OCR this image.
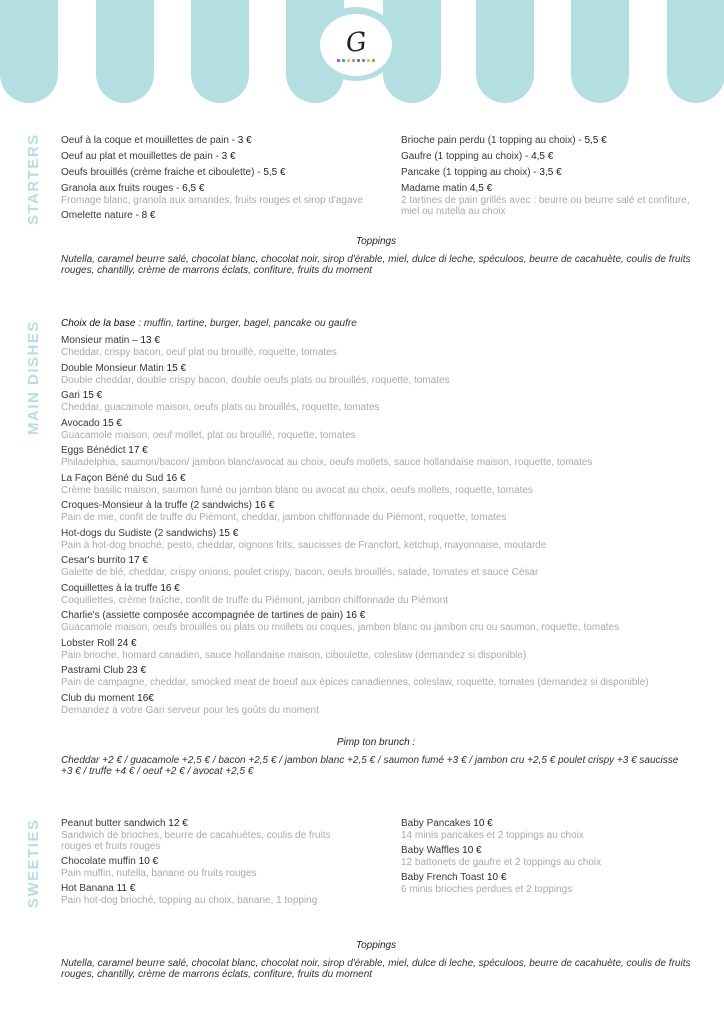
G
STARTERS	Oeuf à la coque et mouillettes de pain - 3 €
Oeuf au plat et mouillettes de pain - 3 €
Oeufs brouillés (crème fraiche et ciboulette) - 5,5 €
Granola aux fruits rouges - 6,5 €
Fromage blanc, granola aux amandes, fruits rouges et sirop d'agave
Omelette nature - 8 €
Brioche pain perdu (1 topping au choix) - 5,5 €
Gaufre (1 topping au choix) - 4,5 €
Pancake (1 topping au choix) - 3,5 €
Madame matin 4,5 €
2 tartines de pain grillés avec : beurre ou beurre salé et confiture, miel ou nutella au choix
Toppings
Nutella, caramel beurre salé, chocolat blanc, chocolat noir, sirop d'érable, miel, dulce di leche, spéculoos, beurre de cacahuète, coulis de fruits rouges, chantilly, crème de marrons éclats, confiture, fruits du moment
MAIN DISHES	Choix de la base : muffin, tartine, burger, bagel, pancake ou gaufre
Monsieur matin – 13 €
Cheddar, crispy bacon, oeuf plat ou brouillé, roquette, tomates
Double Monsieur Matin 15 €
Double cheddar, double crispy bacon, double oeufs plats ou brouillés, roquette, tomates
Gari 15 €
Cheddar, guacamole maison, oeufs plats ou brouillés, roquette, tomates
Avocado 15 €
Guacamole maison, oeuf mollet, plat ou brouillé, roquette, tomates
Eggs Bénédict 17 €
Philadelphia, saumon/bacon/ jambon blanc/avocat au choix, oeufs mollets, sauce hollandaise maison, roquette, tomates
La Façon Béné du Sud 16 €
Crème basilic maison, saumon fumé ou jambon blanc ou avocat au choix, oeufs mollets, roquette, tomates
Croques-Monsieur à la truffe (2 sandwichs) 16 €
Pain de mie, confit de truffe du Piémont, cheddar, jambon chiffonnade du Piémont, roquette, tomates
Hot-dogs du Sudiste (2 sandwichs) 15 €
Pain à hot-dog brioché, pesto, cheddar, oignons frits, saucisses de Francfort, ketchup, mayonnaise, moutarde
Cesar's burrito 17 €
Galette de blé, cheddar, crispy onions, poulet crispy, bacon, oeufs brouillés, salade, tomates et sauce César
Coquillettes à la truffe 16 €
Coquillettes, crème fraîche, confit de truffe du Piémont, jambon chiffonnade du Piémont
Charlie's (assiette composée accompagnée de tartines de pain) 16 €
Guacamole maison, oeufs brouillés ou plats ou mollets ou coques, jambon blanc ou jambon cru ou saumon, roquette, tomates
Lobster Roll 24 €
Pain brioche, homard canadien, sauce hollandaise maison, ciboulette, coleslaw (demandez si disponible)
Pastrami Club 23 €
Pain de campagne, cheddar, smocked meat de boeuf aux épices canadiennes, coleslaw, roquette, tomates (demandez si disponible)
Club du moment 16€
Demandez à votre Gari serveur pour les goûts du moment
Pimp ton brunch :
Cheddar +2 € / guacamole +2,5 € / bacon +2,5 € / jambon blanc +2,5 € / saumon fumé +3 € / jambon cru +2,5 € poulet crispy +3 € saucisse +3 € / truffe +4 € / oeuf +2 € / avocat +2,5 €
SWEETIES	Peanut butter sandwich 12 €
Sandwich de brioches, beurre de cacahuètes, coulis de fruits rouges et fruits rouges
Chocolate muffin 10 €
Pain muffin, nutella, banane ou fruits rouges
Hot Banana 11 €
Pain hot-dog brioché, topping au choix, banane, 1 topping
Baby Pancakes 10 €
14 minis pancakes et 2 toppings au choix
Baby Waffles 10 €
12 battonets de gaufre et 2 toppings au choix
Baby French Toast 10 €
6 minis brioches perdues et 2 toppings
Toppings
Nutella, caramel beurre salé, chocolat blanc, chocolat noir, sirop d'érable, miel, dulce di leche, spéculoos, beurre de cacahuète, coulis de fruits rouges, chantilly, crème de marrons éclats, confiture, fruits du moment
